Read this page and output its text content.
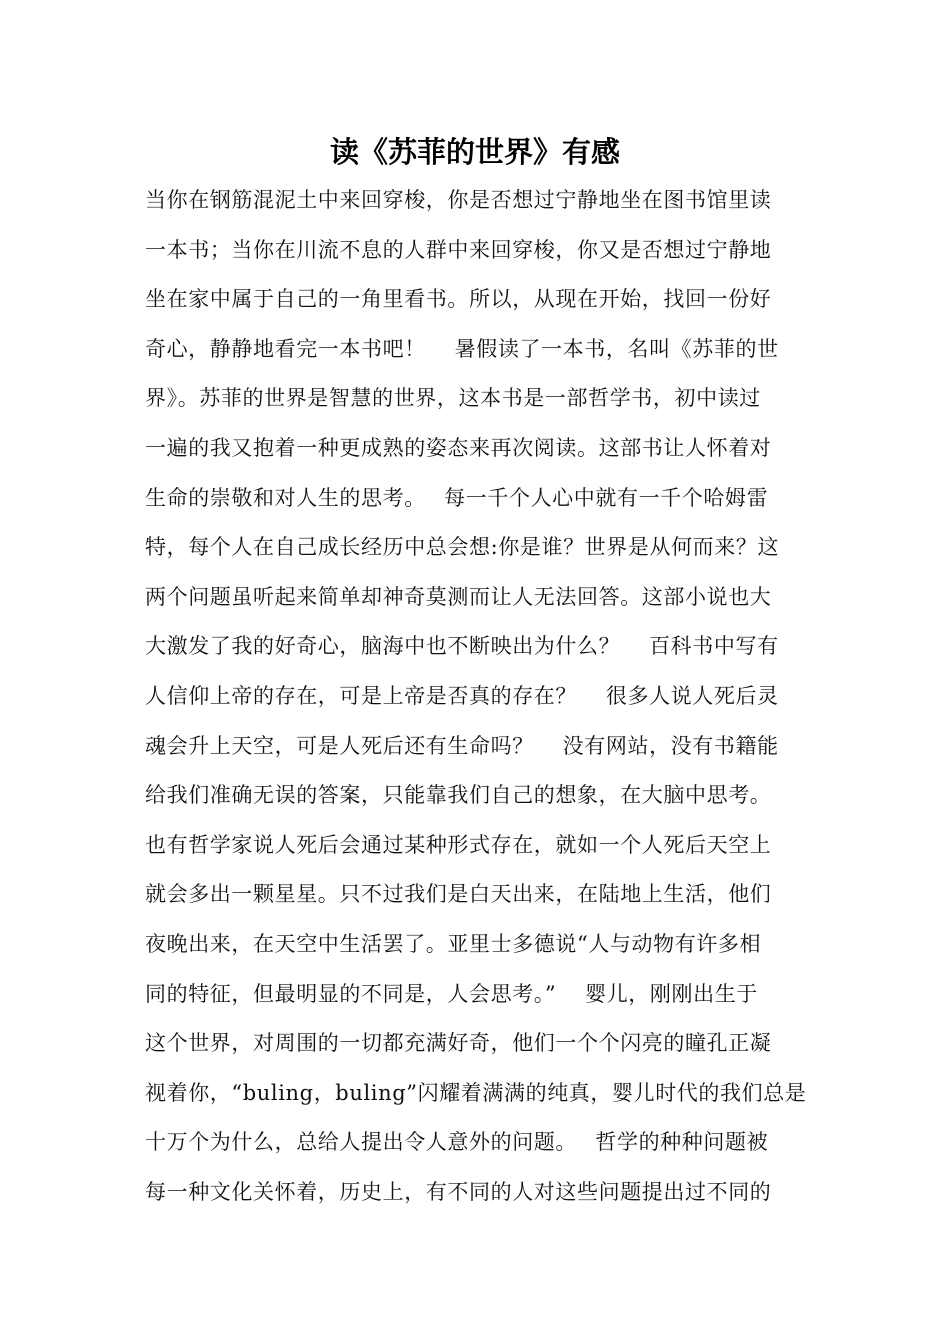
读《苏菲的世界》有感
当你在钢筋混泥土中来回穿梭，你是否想过宁静地坐在图书馆里读
一本书；当你在川流不息的人群中来回穿梭，你又是否想过宁静地
坐在家中属于自己的一角里看书。所以，从现在开始，找回一份好
奇心，静静地看完一本书吧！　 暑假读了一本书，名叫《苏菲的世
界》。苏菲的世界是智慧的世界，这本书是一部哲学书，初中读过
一遍的我又抱着一种更成熟的姿态来再次阅读。这部书让人怀着对
生命的崇敬和对人生的思考。　 每一千个人心中就有一千个哈姆雷
特，每个人在自己成长经历中总会想:你是谁？世界是从何而来？这
两个问题虽听起来简单却神奇莫测而让人无法回答。这部小说也大
大激发了我的好奇心，脑海中也不断映出为什么？　 百科书中写有
人信仰上帝的存在，可是上帝是否真的存在？　 很多人说人死后灵
魂会升上天空，可是人死后还有生命吗？　 没有网站，没有书籍能
给我们准确无误的答案，只能靠我们自己的想象，在大脑中思考。
也有哲学家说人死后会通过某种形式存在，就如一个人死后天空上
就会多出一颗星星。只不过我们是白天出来，在陆地上生活，他们
夜晚出来，在天空中生活罢了。亚里士多德说“人与动物有许多相
同的特征，但最明显的不同是，人会思考。”　 婴儿，刚刚出生于
这个世界，对周围的一切都充满好奇，他们一个个闪亮的瞳孔正凝
视着你，“buling，buling”闪耀着满满的纯真，婴儿时代的我们总是
十万个为什么，总给人提出令人意外的问题。　 哲学的种种问题被
每一种文化关怀着，历史上，有不同的人对这些问题提出过不同的
